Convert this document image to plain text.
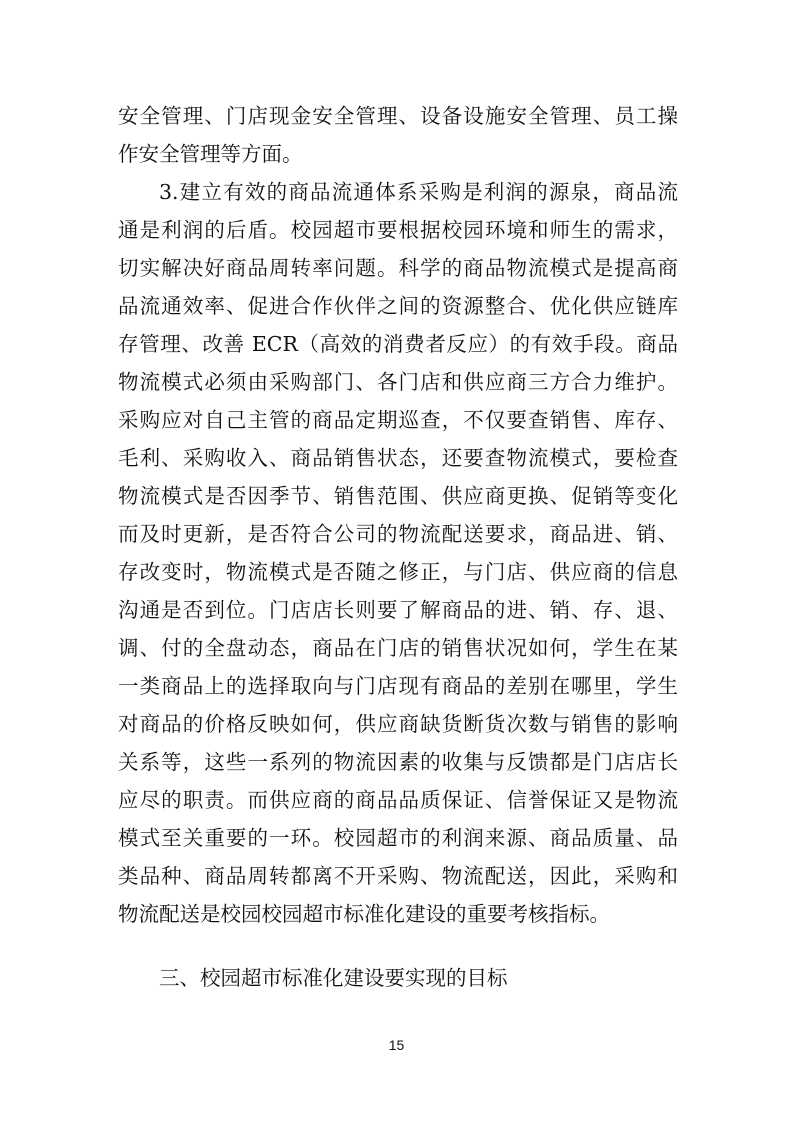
安全管理、门店现金安全管理、设备设施安全管理、员工操
作安全管理等方面。
3.建立有效的商品流通体系采购是利润的源泉，商品流
通是利润的后盾。校园超市要根据校园环境和师生的需求，
切实解决好商品周转率问题。科学的商品物流模式是提高商
品流通效率、促进合作伙伴之间的资源整合、优化供应链库
存管理、改善 ECR（高效的消费者反应）的有效手段。商品
物流模式必须由采购部门、各门店和供应商三方合力维护。
采购应对自己主管的商品定期巡查，不仅要查销售、库存、
毛利、采购收入、商品销售状态，还要查物流模式，要检查
物流模式是否因季节、销售范围、供应商更换、促销等变化
而及时更新，是否符合公司的物流配送要求，商品进、销、
存改变时，物流模式是否随之修正，与门店、供应商的信息
沟通是否到位。门店店长则要了解商品的进、销、存、退、
调、付的全盘动态，商品在门店的销售状况如何，学生在某
一类商品上的选择取向与门店现有商品的差别在哪里，学生
对商品的价格反映如何，供应商缺货断货次数与销售的影响
关系等，这些一系列的物流因素的收集与反馈都是门店店长
应尽的职责。而供应商的商品品质保证、信誉保证又是物流
模式至关重要的一环。校园超市的利润来源、商品质量、品
类品种、商品周转都离不开采购、物流配送，因此，采购和
物流配送是校园校园超市标准化建设的重要考核指标。
三、校园超市标准化建设要实现的目标
15
